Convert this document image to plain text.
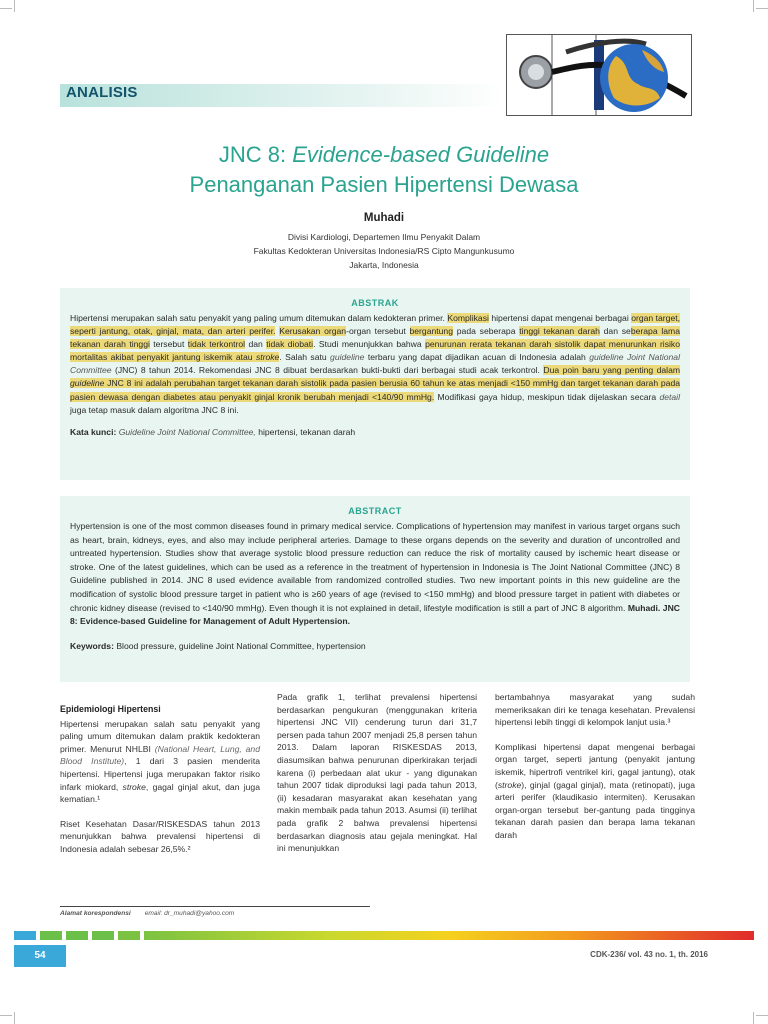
ANALISIS
JNC 8: Evidence-based Guideline
Penanganan Pasien Hipertensi Dewasa
Muhadi
Divisi Kardiologi, Departemen Ilmu Penyakit Dalam
Fakultas Kedokteran Universitas Indonesia/RS Cipto Mangunkusumo
Jakarta, Indonesia
ABSTRAK
Hipertensi merupakan salah satu penyakit yang paling umum ditemukan dalam kedokteran primer. Komplikasi hipertensi dapat mengenai berbagai organ target, seperti jantung, otak, ginjal, mata, dan arteri perifer. Kerusakan organ-organ tersebut bergantung pada seberapa tinggi tekanan darah dan seberapa lama tekanan darah tinggi tersebut tidak terkontrol dan tidak diobati. Studi menunjukkan bahwa penurunan rerata tekanan darah sistolik dapat menurunkan risiko mortalitas akibat penyakit jantung iskemik atau stroke. Salah satu guideline terbaru yang dapat dijadikan acuan di Indonesia adalah guideline Joint National Committee (JNC) 8 tahun 2014. Rekomendasi JNC 8 dibuat berdasarkan bukti-bukti dari berbagai studi acak terkontrol. Dua poin baru yang penting dalam guideline JNC 8 ini adalah perubahan target tekanan darah sistolik pada pasien berusia 60 tahun ke atas menjadi <150 mmHg dan target tekanan darah pada pasien dewasa dengan diabetes atau penyakit ginjal kronik berubah menjadi <140/90 mmHg. Modifikasi gaya hidup, meskipun tidak dijelaskan secara detail juga tetap masuk dalam algoritma JNC 8 ini.
Kata kunci: Guideline Joint National Committee, hipertensi, tekanan darah
ABSTRACT
Hypertension is one of the most common diseases found in primary medical service. Complications of hypertension may manifest in various target organs such as heart, brain, kidneys, eyes, and also may include peripheral arteries. Damage to these organs depends on the severity and duration of uncontrolled and untreated hypertension. Studies show that average systolic blood pressure reduction can reduce the risk of mortality caused by ischemic heart disease or stroke. One of the latest guidelines, which can be used as a reference in the treatment of hypertension in Indonesia is The Joint National Committee (JNC) 8 Guideline published in 2014. JNC 8 used evidence available from randomized controlled studies. Two new important points in this new guideline are the modification of systolic blood pressure target in patient who is ≥60 years of age (revised to <150 mmHg) and blood pressure target in patient with diabetes or chronic kidney disease (revised to <140/90 mmHg). Even though it is not explained in detail, lifestyle modification is still a part of JNC 8 algorithm. Muhadi. JNC 8: Evidence-based Guideline for Management of Adult Hypertension.
Keywords: Blood pressure, guideline Joint National Committee, hypertension
Epidemiologi Hipertensi

Hipertensi merupakan salah satu penyakit yang paling umum ditemukan dalam praktik kedokteran primer. Menurut NHLBI (National Heart, Lung, and Blood Institute), 1 dari 3 pasien menderita hipertensi. Hipertensi juga merupakan faktor risiko infark miokard, stroke, gagal ginjal akut, dan juga kematian.¹

Riset Kesehatan Dasar/RISKESDAS tahun 2013 menunjukkan bahwa prevalensi hipertensi di Indonesia adalah sebesar 26,5%.²

Pada grafik 1, terlihat prevalensi hipertensi berdasarkan pengukuran (menggunakan kriteria hipertensi JNC VII) cenderung turun dari 31,7 persen pada tahun 2007 menjadi 25,8 persen tahun 2013. Dalam laporan RISKESDAS 2013, diasumsikan bahwa penurunan diperkirakan terjadi karena (i) perbedaan alat ukur - yang digunakan tahun 2007 tidak diproduksi lagi pada tahun 2013, (ii) kesadaran masyarakat akan kesehatan yang makin membaik pada tahun 2013. Asumsi (ii) terlihat pada grafik 2 bahwa prevalensi hipertensi berdasarkan diagnosis atau gejala meningkat. Hal ini menunjukkan

bertambahnya masyarakat yang sudah memeriksakan diri ke tenaga kesehatan. Prevalensi hipertensi lebih tinggi di kelompok lanjut usia.³

Komplikasi hipertensi dapat mengenai berbagai organ target, seperti jantung (penyakit jantung iskemik, hipertrofi ventrikel kiri, gagal jantung), otak (stroke), ginjal (gagal ginjal), mata (retinopati), juga arteri perifer (klaudikasio intermiten). Kerusakan organ-organ tersebut ber-gantung pada tingginya tekanan darah pasien dan berapa lama tekanan darah

Alamat korespondensi email: dr_muhadi@yahoo.com
54	CDK-236/ vol. 43 no. 1, th. 2016
